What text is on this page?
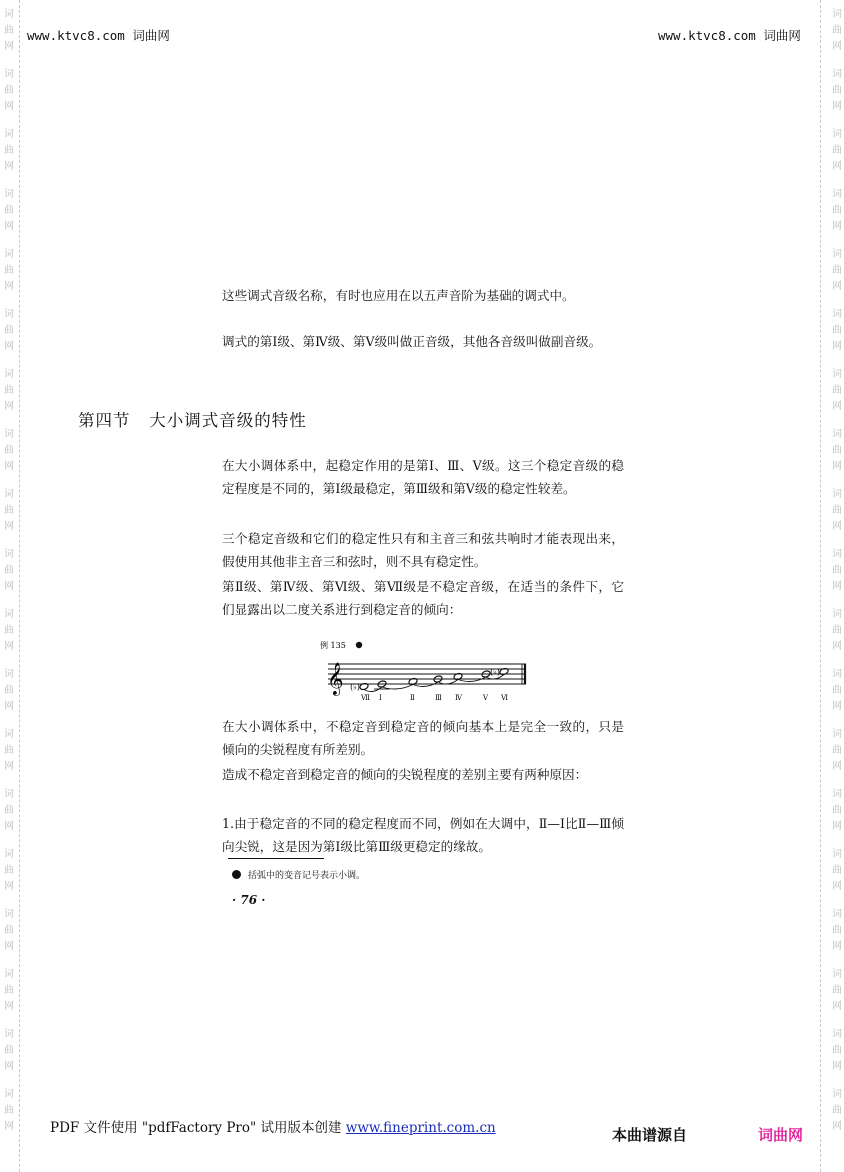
词
曲
网
词
曲
网
词
曲
网
词
曲
网
词
曲
网
词
曲
网
词
曲
网
词
曲
网
词
曲
网
词
曲
网
词
曲
网
词
曲
网
词
曲
网
词
曲
网
词
曲
网
词
曲
网
词
曲
网
词
曲
网
词
曲
网
词
曲
网
词
曲
网
词
曲
网
词
曲
网
词
曲
网
词
曲
网
词
曲
网
词
曲
网
词
曲
网
词
曲
网
词
曲
网
词
曲
网
词
曲
网
词
曲
网
词
曲
网
词
曲
网
词
曲
网
词
曲
网
词
曲
网
www.ktvc8.com 词曲网	www.ktvc8.com 词曲网

这些调式音级名称，有时也应用在以五声音阶为基础的调式中。

调式的第Ⅰ级、第Ⅳ级、第Ⅴ级叫做正音级，其他各音级叫做副音级。

在大小调体系中，起稳定作用的是第Ⅰ、Ⅲ、Ⅴ级。这三个稳定音级的稳定程度是不同的，第Ⅰ级最稳定，第Ⅲ级和第Ⅴ级的稳定性较差。

三个稳定音级和它们的稳定性只有和主音三和弦共响时才能表现出来，假使用其他非主音三和弦时，则不具有稳定性。

第Ⅱ级、第Ⅳ级、第Ⅵ级、第Ⅶ级是不稳定音级，在适当的条件下，它们显露出以二度关系进行到稳定音的倾向：

在大小调体系中，不稳定音到稳定音的倾向基本上是完全一致的，只是倾向的尖锐程度有所差别。

造成不稳定音到稳定音的倾向的尖锐程度的差别主要有两种原因：

1.由于稳定音的不同的稳定程度而不同，例如在大调中，Ⅱ—Ⅰ比Ⅱ—Ⅲ倾向尖锐，这是因为第Ⅰ级比第Ⅲ级更稳定的缘故。

第四节   大小调式音级的特性
例 135
𝄞 (♭)
(♭)
Ⅶ Ⅰ	Ⅱ	Ⅲ Ⅳ	Ⅴ Ⅵ
括弧中的变音记号表示小调。
· 76 ·
PDF 文件使用 "pdfFactory Pro" 试用版本创建 www.fineprint.com.cn	本曲谱源自	词曲网
